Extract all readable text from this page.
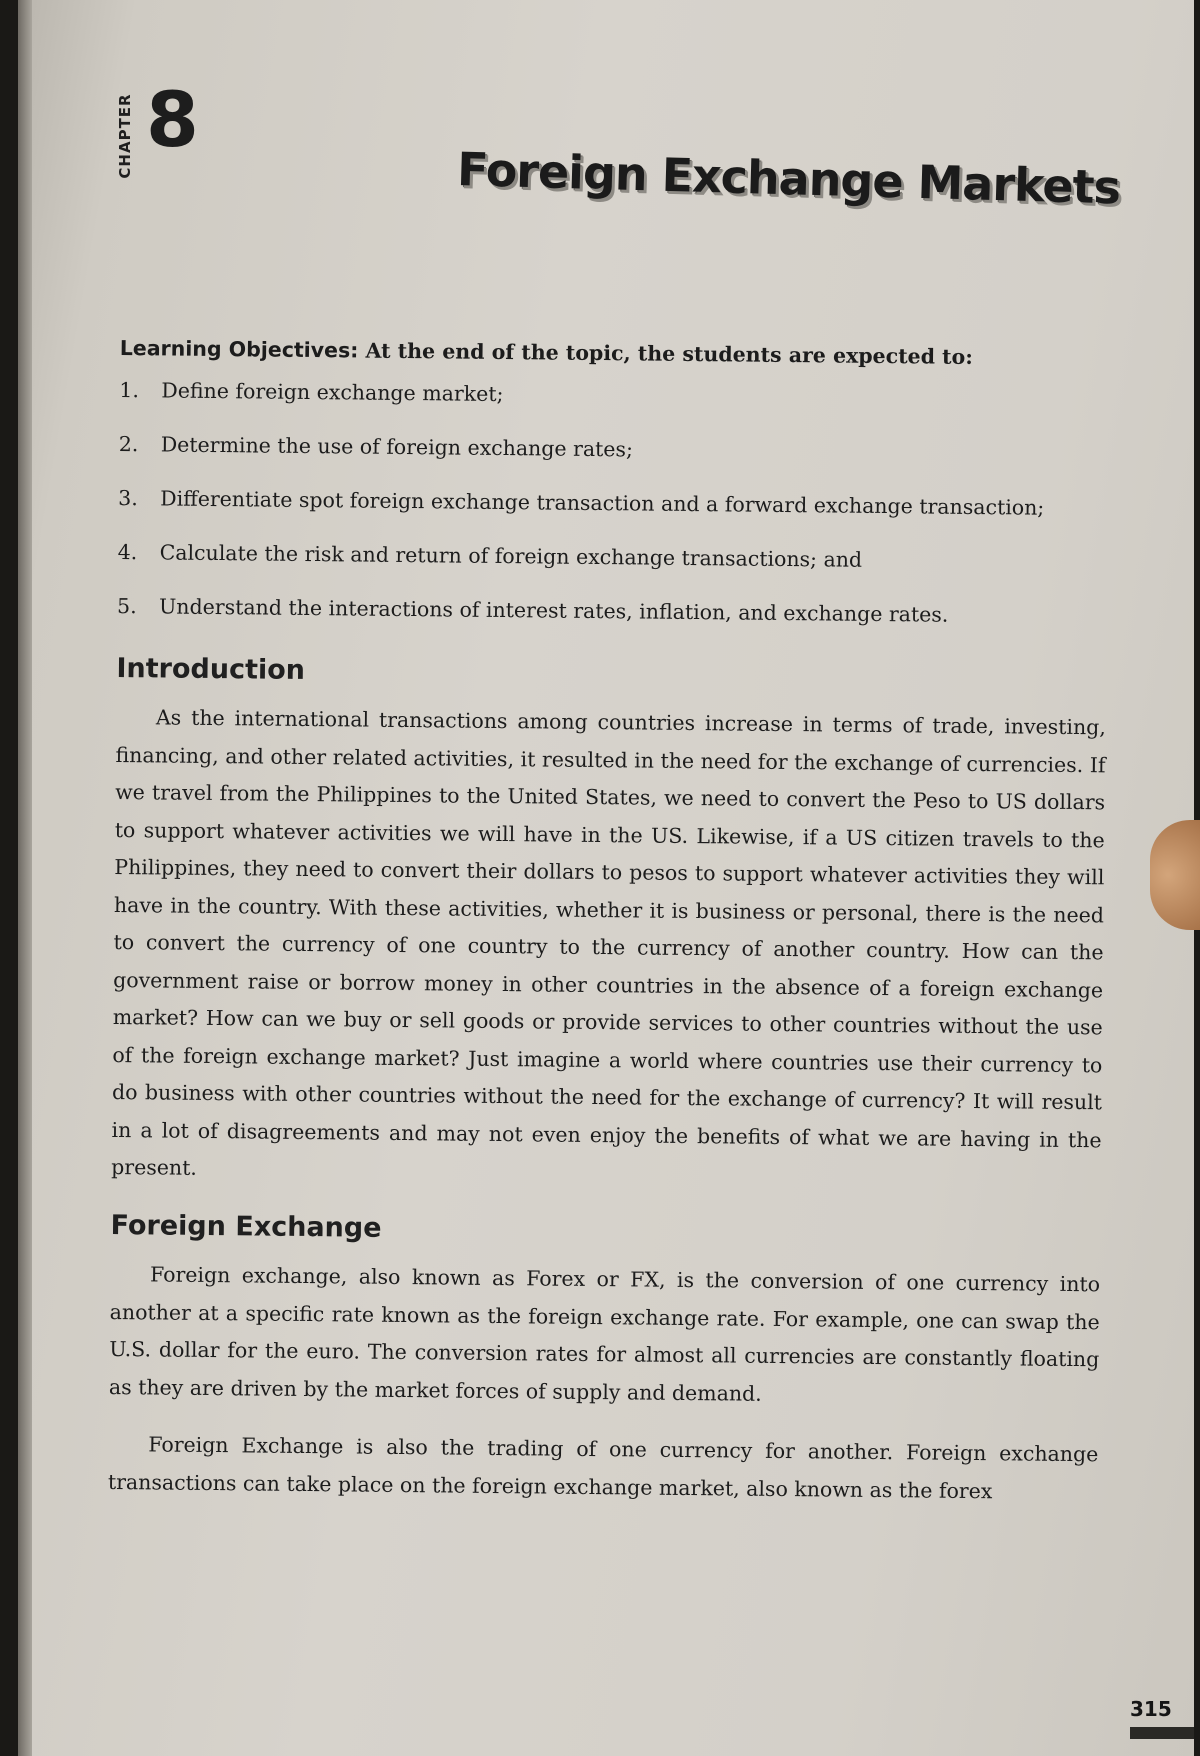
CHAPTER 8
Foreign Exchange Markets
Learning Objectives: At the end of the topic, the students are expected to:
1. Define foreign exchange market;
2. Determine the use of foreign exchange rates;
3. Differentiate spot foreign exchange transaction and a forward exchange transaction;
4. Calculate the risk and return of foreign exchange transactions; and
5. Understand the interactions of interest rates, inflation, and exchange rates.
Introduction

As the international transactions among countries increase in terms of trade, investing, financing, and other related activities, it resulted in the need for the exchange of currencies. If we travel from the Philippines to the United States, we need to convert the Peso to US dollars to support whatever activities we will have in the US. Likewise, if a US citizen travels to the Philippines, they need to convert their dollars to pesos to support whatever activities they will have in the country. With these activities, whether it is business or personal, there is the need to convert the currency of one country to the currency of another country. How can the government raise or borrow money in other countries in the absence of a foreign exchange market? How can we buy or sell goods or provide services to other countries without the use of the foreign exchange market? Just imagine a world where countries use their currency to do business with other countries without the need for the exchange of currency? It will result in a lot of disagreements and may not even enjoy the benefits of what we are having in the present.

Foreign Exchange

Foreign exchange, also known as Forex or FX, is the conversion of one currency into another at a specific rate known as the foreign exchange rate. For example, one can swap the U.S. dollar for the euro. The conversion rates for almost all currencies are constantly floating as they are driven by the market forces of supply and demand.

Foreign Exchange is also the trading of one currency for another. Foreign exchange transactions can take place on the foreign exchange market, also known as the forex

315
